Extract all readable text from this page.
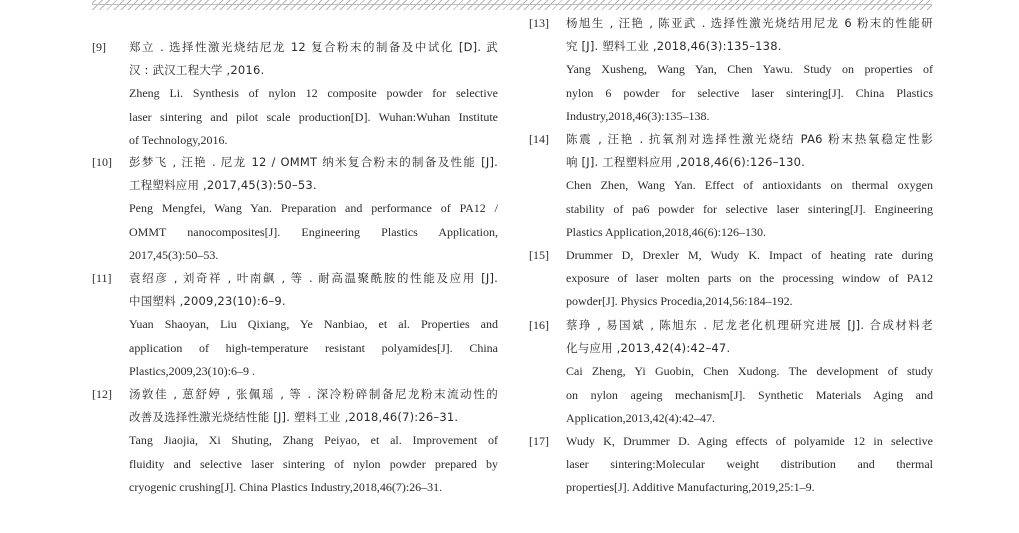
[9] 郑立 . 选择性激光烧结尼龙 12 复合粉末的制备及中试化 [D]. 武
汉 : 武汉工程大学 ,2016.
Zheng Li. Synthesis of nylon 12 composite powder for selective
laser sintering and pilot scale production[D]. Wuhan:Wuhan Institute
of Technology,2016.
[10] 彭梦飞 , 汪艳 . 尼龙 12 / OMMT 纳米复合粉末的制备及性能 [J].
工程塑料应用 ,2017,45(3):50–53.
Peng Mengfei, Wang Yan. Preparation and performance of PA12 /
OMMT nanocomposites[J]. Engineering Plastics Application,
2017,45(3):50–53.
[11] 袁绍彦 , 刘奇祥 , 叶南飙 , 等 . 耐高温聚酰胺的性能及应用 [J].
中国塑料 ,2009,23(10):6–9.
Yuan Shaoyan, Liu Qixiang, Ye Nanbiao, et al. Properties and
application of high-temperature resistant polyamides[J]. China
Plastics,2009,23(10):6–9 .
[12] 汤敦佳 , 葸舒婷 , 张佩瑶 , 等 . 深冷粉碎制备尼龙粉末流动性的
改善及选择性激光烧结性能 [J]. 塑料工业 ,2018,46(7):26–31.
Tang Jiaojia, Xi Shuting, Zhang Peiyao, et al. Improvement of
fluidity and selective laser sintering of nylon powder prepared by
cryogenic crushing[J]. China Plastics Industry,2018,46(7):26–31.
[13] 杨旭生 , 汪艳 , 陈亚武 . 选择性激光烧结用尼龙 6 粉末的性能研
究 [J]. 塑料工业 ,2018,46(3):135–138.
Yang Xusheng, Wang Yan, Chen Yawu. Study on properties of
nylon 6 powder for selective laser sintering[J]. China Plastics
Industry,2018,46(3):135–138.
[14] 陈震 , 汪艳 . 抗氧剂对选择性激光烧结 PA6 粉末热氧稳定性影
响 [J]. 工程塑料应用 ,2018,46(6):126–130.
Chen Zhen, Wang Yan. Effect of antioxidants on thermal oxygen
stability of pa6 powder for selective laser sintering[J]. Engineering
Plastics Application,2018,46(6):126–130.
[15] Drummer D, Drexler M, Wudy K. Impact of heating rate during
exposure of laser molten parts on the processing window of PA12
powder[J]. Physics Procedia,2014,56:184–192.
[16] 蔡琤 , 易国斌 , 陈旭东 . 尼龙老化机理研究进展 [J]. 合成材料老
化与应用 ,2013,42(4):42–47.
Cai Zheng, Yi Guobin, Chen Xudong. The development of study
on nylon ageing mechanism[J]. Synthetic Materials Aging and
Application,2013,42(4):42–47.
[17] Wudy K, Drummer D. Aging effects of polyamide 12 in selective
laser sintering:Molecular weight distribution and thermal
properties[J]. Additive Manufacturing,2019,25:1–9.
